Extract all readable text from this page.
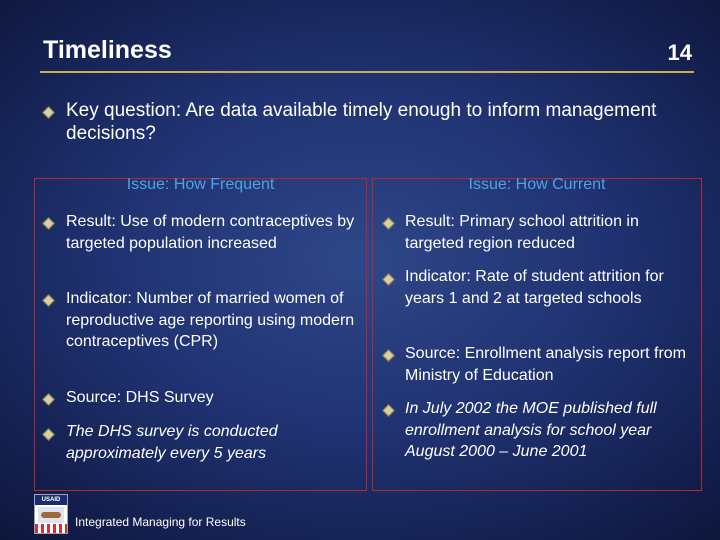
Timeliness	14
Key question: Are data available timely enough to inform management decisions?
Issue: How Frequent
Result: Use of modern contraceptives by targeted population increased
Indicator: Number of married women of reproductive age reporting using modern contraceptives (CPR)
Source: DHS Survey
The DHS survey is conducted approximately every 5 years
Issue: How Current
Result: Primary school attrition in targeted region reduced
Indicator: Rate of student attrition for years 1 and 2 at targeted schools
Source: Enrollment analysis report from Ministry of Education
In July 2002 the MOE published full enrollment analysis for school year August 2000 – June 2001
USAID
Integrated Managing for Results
